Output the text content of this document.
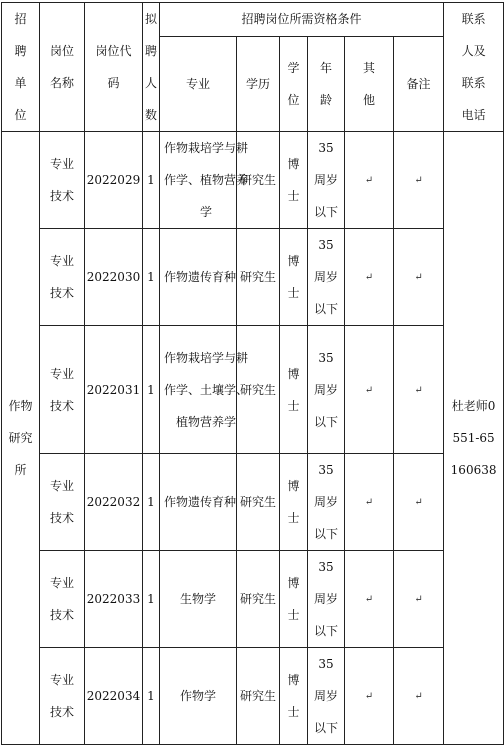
招聘单位	岗位名称	岗位代码	拟聘人数	招聘岗位所需资格条件						联系人及联系电话
				专业	学历	学位	年龄	其他	备注	
作物研究所	专业技术	2022029	1	作物栽培学与耕作学、植物营养学	研究生	博士	35周岁以下	↵	↵	杜老师0551-65160638
	专业技术	2022030	1	作物遗传育种	研究生	博士	35周岁以下	↵	↵	
	专业技术	2022031	1	作物栽培学与耕作学、土壤学、植物营养学	研究生	博士	35周岁以下	↵	↵	
	专业技术	2022032	1	作物遗传育种	研究生	博士	35周岁以下	↵	↵	
	专业技术	2022033	1	生物学	研究生	博士	35周岁以下	↵	↵	
	专业技术	2022034	1	作物学	研究生	博士	35周岁以下	↵	↵	
